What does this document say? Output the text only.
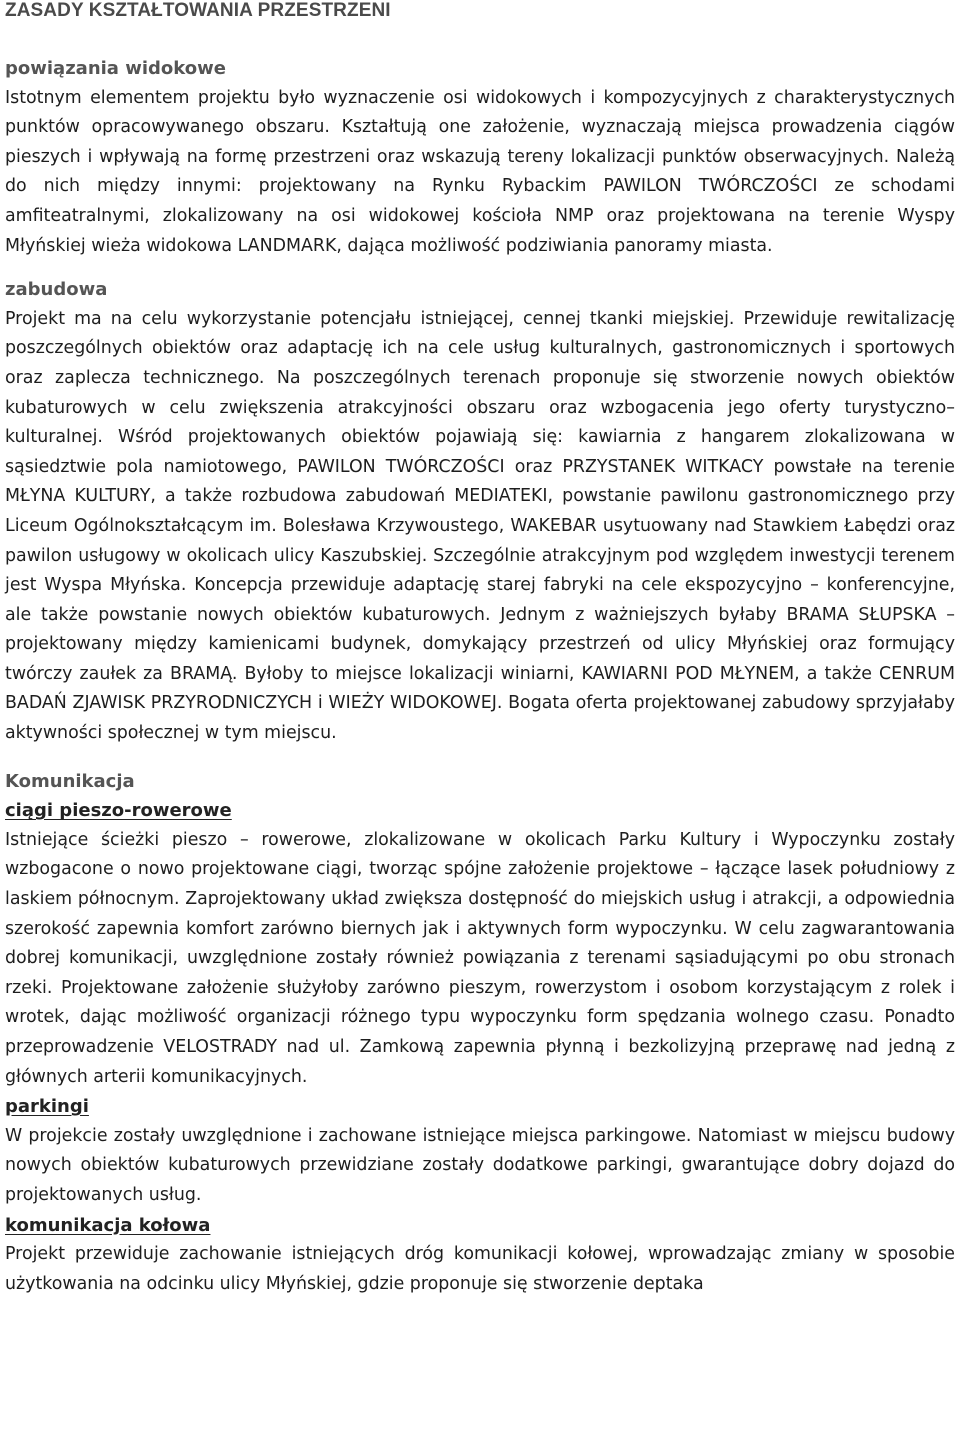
ZASADY KSZTAŁTOWANIA PRZESTRZENI
powiązania widokowe

Istotnym elementem projektu było wyznaczenie osi widokowych i kompozycyjnych z charakterystycznych punktów opracowywanego obszaru. Kształtują one założenie, wyznaczają miejsca prowadzenia ciągów pieszych i wpływają na formę przestrzeni oraz wskazują tereny lokalizacji punktów obserwacyjnych. Należą do nich między innymi: projektowany na Rynku Rybackim PAWILON TWÓRCZOŚCI ze schodami amfiteatralnymi, zlokalizowany na osi widokowej kościoła NMP oraz projektowana na terenie Wyspy Młyńskiej wieża widokowa LANDMARK, dająca możliwość podziwiania panoramy miasta.

zabudowa

Projekt ma na celu wykorzystanie potencjału istniejącej, cennej tkanki miejskiej. Przewiduje rewitalizację poszczególnych obiektów oraz adaptację ich na cele usług kulturalnych, gastronomicznych i sportowych oraz zaplecza technicznego. Na poszczególnych terenach proponuje się stworzenie nowych obiektów kubaturowych w celu zwiększenia atrakcyjności obszaru oraz wzbogacenia jego oferty turystyczno–kulturalnej. Wśród projektowanych obiektów pojawiają się: kawiarnia z hangarem zlokalizowana w sąsiedztwie pola namiotowego, PAWILON TWÓRCZOŚCI oraz PRZYSTANEK WITKACY powstałe na terenie MŁYNA KULTURY, a także rozbudowa zabudowań MEDIATEKI, powstanie pawilonu gastronomicznego przy Liceum Ogólnokształcącym im. Bolesława Krzywoustego, WAKEBAR usytuowany nad Stawkiem Łabędzi oraz pawilon usługowy w okolicach ulicy Kaszubskiej. Szczególnie atrakcyjnym pod względem inwestycji terenem jest Wyspa Młyńska. Koncepcja przewiduje adaptację starej fabryki na cele ekspozycyjno – konferencyjne, ale także powstanie nowych obiektów kubaturowych. Jednym z ważniejszych byłaby BRAMA SŁUPSKA – projektowany między kamienicami budynek, domykający przestrzeń od ulicy Młyńskiej oraz formujący twórczy zaułek za BRAMĄ. Byłoby to miejsce lokalizacji winiarni, KAWIARNI POD MŁYNEM, a także CENRUM BADAŃ ZJAWISK PRZYRODNICZYCH i WIEŻY WIDOKOWEJ. Bogata oferta projektowanej zabudowy sprzyjałaby aktywności społecznej w tym miejscu.

Komunikacja
ciągi pieszo-rowerowe

Istniejące ścieżki pieszo – rowerowe, zlokalizowane w okolicach Parku Kultury i Wypoczynku zostały wzbogacone o nowo projektowane ciągi, tworząc spójne założenie projektowe – łączące lasek południowy z laskiem północnym. Zaprojektowany układ zwiększa dostępność do miejskich usług i atrakcji, a odpowiednia szerokość zapewnia komfort zarówno biernych jak i aktywnych form wypoczynku. W celu zagwarantowania dobrej komunikacji, uwzględnione zostały również powiązania z terenami sąsiadującymi po obu stronach rzeki. Projektowane założenie służyłoby zarówno pieszym, rowerzystom i osobom korzystającym z rolek i wrotek, dając możliwość organizacji różnego typu wypoczynku form spędzania wolnego czasu. Ponadto przeprowadzenie VELOSTRADY nad ul. Zamkową zapewnia płynną i bezkolizyjną przeprawę nad jedną z głównych arterii komunikacyjnych.

parkingi

W projekcie zostały uwzględnione i zachowane istniejące miejsca parkingowe. Natomiast w miejscu budowy nowych obiektów kubaturowych przewidziane zostały dodatkowe parkingi, gwarantujące dobry dojazd do projektowanych usług.

komunikacja kołowa

Projekt przewiduje zachowanie istniejących dróg komunikacji kołowej, wprowadzając zmiany w sposobie użytkowania na odcinku ulicy Młyńskiej, gdzie proponuje się stworzenie deptaka
